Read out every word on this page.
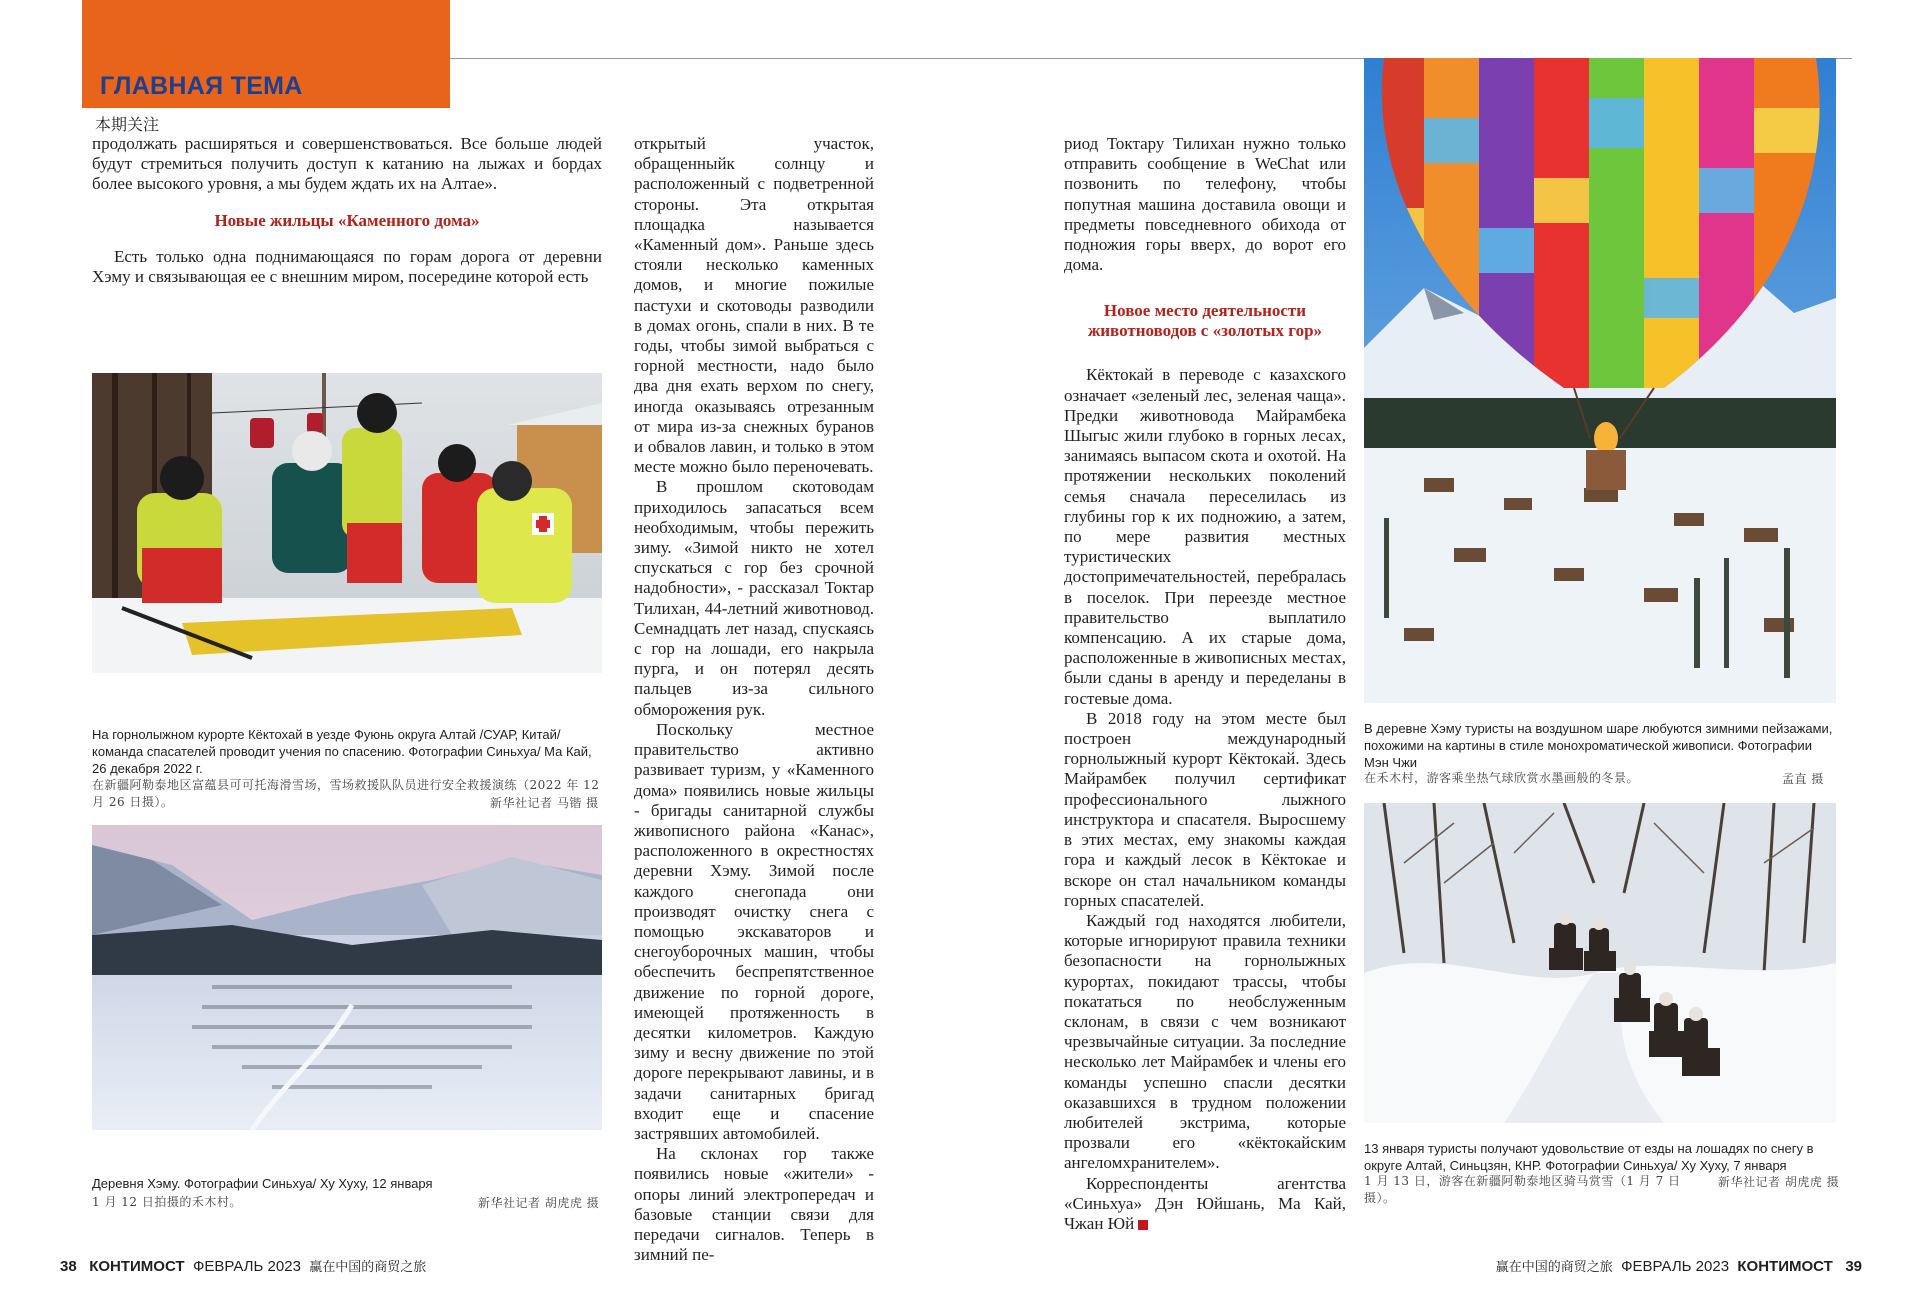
ГЛАВНАЯ ТЕМА
本期关注

продолжать расширяться и совершенствоваться. Все больше людей будут стремиться получить доступ к катанию на лыжах и бордах более высокого уровня, а мы будем ждать их на Алтае».

Новые жильцы «Каменного дома»

Есть только одна поднимающаяся по горам дорога от деревни Хэму и связывающая ее с внешним миром, посередине которой есть

На горнолыжном курорте Кёктохай в уезде Фуюнь округа Алтай /СУАР, Китай/ команда спасателей проводит учения по спасению. Фотографии Синьхуа/ Ма Кай, 26 декабря 2022 г.
在新疆阿勒泰地区富蕴县可可托海滑雪场，雪场救援队队员进行安全救援演练（2022 年 12 月 26 日摄）。	新华社记者 马锴 摄
Деревня Хэму. Фотографии Синьхуа/ Ху Хуху, 12 января
1 月 12 日拍摄的禾木村。	新华社记者 胡虎虎 摄

открытый участок, обращенныйк солнцу и расположенный с подветренной стороны. Эта открытая площадка называется «Каменный дом». Раньше здесь стояли несколько каменных домов, и многие пожилые пастухи и скотоводы разводили в домах огонь, спали в них. В те годы, чтобы зимой выбраться с горной местности, надо было два дня ехать верхом по снегу, иногда оказываясь отрезанным от мира из-за снежных буранов и обвалов лавин, и только в этом месте можно было переночевать.

В прошлом скотоводам приходилось запасаться всем необходимым, чтобы пережить зиму. «Зимой никто не хотел спускаться с гор без срочной надобности», - рассказал Токтар Тилихан, 44-летний животновод. Семнадцать лет назад, спускаясь с гор на лошади, его накрыла пурга, и он потерял десять пальцев из-за сильного обморожения рук.

Поскольку местное правительство активно развивает туризм, у «Каменного дома» появились новые жильцы - бригады санитарной службы живописного района «Канас», расположенного в окрестностях деревни Хэму. Зимой после каждого снегопада они производят очистку снега с помощью экскаваторов и снегоуборочных машин, чтобы обеспечить беспрепятственное движение по горной дороге, имеющей протяженность в десятки километров. Каждую зиму и весну движение по этой дороге перекрывают лавины, и в задачи санитарных бригад входит еще и спасение застрявших автомобилей.

На склонах гор также появились новые «жители» - опоры линий электропередач и базовые станции связи для передачи сигналов. Теперь в зимний пе-

риод Токтару Тилихан нужно только отправить сообщение в WeChat или позвонить по телефону, чтобы попутная машина доставила овощи и предметы повседневного обихода от подножия горы вверх, до ворот его дома.

Новое место деятельности животноводов с «золотых гор»

Кёктокай в переводе с казахского означает «зеленый лес, зеленая чаща». Предки животновода Майрамбека Шыгыс жили глубоко в горных лесах, занимаясь выпасом скота и охотой. На протяжении нескольких поколений семья сначала переселилась из глубины гор к их подножию, а затем, по мере развития местных туристических достопримечательностей, перебралась в поселок. При переезде местное правительство выплатило компенсацию. А их старые дома, расположенные в живописных местах, были сданы в аренду и переделаны в гостевые дома.

В 2018 году на этом месте был построен международный горнолыжный курорт Кёктокай. Здесь Майрамбек получил сертификат профессионального лыжного инструктора и спасателя. Выросшему в этих местах, ему знакомы каждая гора и каждый лесок в Кёктокае и вскоре он стал начальником команды горных спасателей.

Каждый год находятся любители, которые игнорируют правила техники безопасности на горнолыжных курортах, покидают трассы, чтобы покататься по необслуженным склонам, в связи с чем возникают чрезвычайные ситуации. За последние несколько лет Майрамбек и члены его команды успешно спасли десятки оказавшихся в трудном положении любителей экстрима, которые прозвали его «кёктокайским ангеломхранителем».

Корреспонденты агентства «Синьхуа» Дэн Юйшань, Ма Кай, Чжан Юй

В деревне Хэму туристы на воздушном шаре любуются зимними пейзажами, похожими на картины в стиле монохроматической живописи. Фотографии Мэн Чжи
在禾木村，游客乘坐热气球欣赏水墨画般的冬景。	孟直 摄
13 января туристы получают удовольствие от езды на лошадях по снегу в округе Алтай, Синьцзян, КНР. Фотографии Синьхуа/ Ху Хуху, 7 января
1 月 13 日，游客在新疆阿勒泰地区骑马赏雪（1 月 7 日摄）。
新华社记者 胡虎虎 摄
38 КОНТИМОСТ ФЕВРАЛЬ 2023 赢在中国的商贸之旅	赢在中国的商贸之旅 ФЕВРАЛЬ 2023 КОНТИМОСТ 39
